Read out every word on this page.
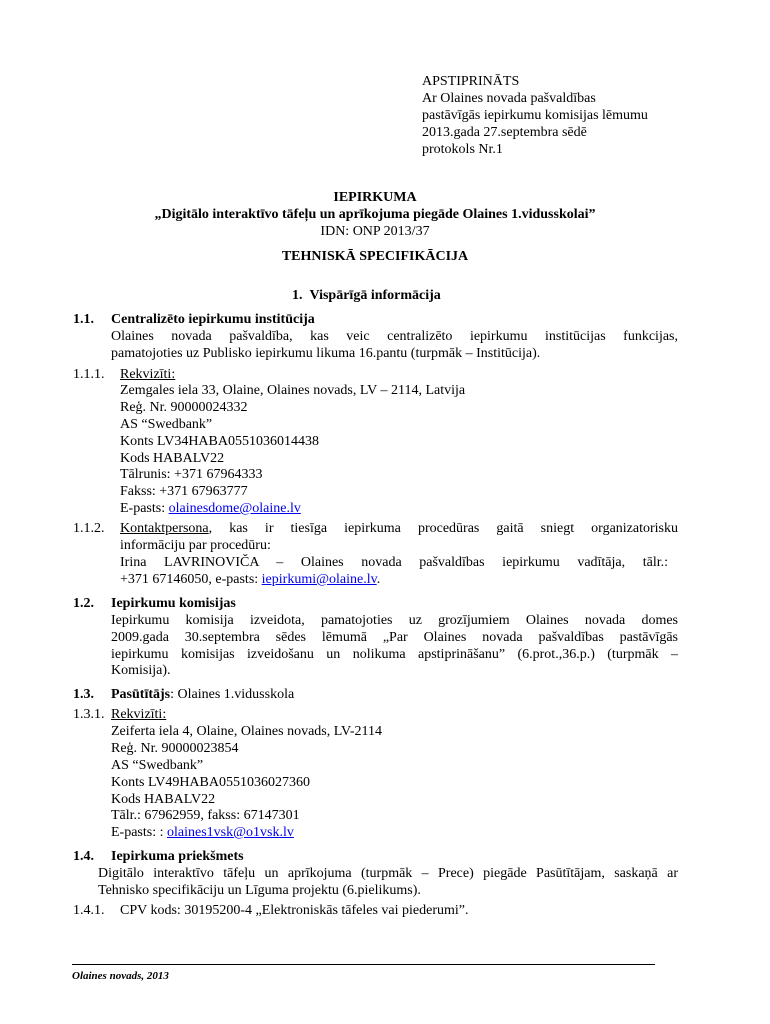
APSTIPRINĀTS
Ar Olaines novada pašvaldības
pastāvīgās iepirkumu komisijas lēmumu
2013.gada 27.septembra sēdē
protokols Nr.1
IEPIRKUMA
„Digitālo interaktīvo tāfeļu un aprīkojuma piegāde Olaines 1.vidusskolai”
IDN: ONP 2013/37
TEHNISKĀ SPECIFIKĀCIJA
1. Vispārīgā informācija
1.1. Centralizēto iepirkumu institūcija
Olaines novada pašvaldība, kas veic centralizēto iepirkumu institūcijas funkcijas,
pamatojoties uz Publisko iepirkumu likuma 16.pantu (turpmāk – Institūcija).
1.1.1. Rekvizīti:
Zemgales iela 33, Olaine, Olaines novads, LV – 2114, Latvija
Reģ. Nr. 90000024332
AS “Swedbank”
Konts LV34HABA0551036014438
Kods HABALV22
Tālrunis: +371 67964333
Fakss: +371 67963777
E-pasts: olainesdome@olaine.lv
1.1.2. Kontaktpersona, kas ir tiesīga iepirkuma procedūras gaitā sniegt organizatorisku
informāciju par procedūru:
Irina LAVRINOVIČA – Olaines novada pašvaldības iepirkumu vadītāja, tālr.:
+371 67146050, e-pasts: iepirkumi@olaine.lv.
1.2. Iepirkumu komisijas
Iepirkumu komisija izveidota, pamatojoties uz grozījumiem Olaines novada domes
2009.gada 30.septembra sēdes lēmumā „Par Olaines novada pašvaldības pastāvīgās
iepirkumu komisijas izveidošanu un nolikuma apstiprināšanu” (6.prot.,36.p.) (turpmāk –
Komisija).
1.3. Pasūtītājs: Olaines 1.vidusskola
1.3.1. Rekvizīti:
Zeiferta iela 4, Olaine, Olaines novads, LV-2114
Reģ. Nr. 90000023854
AS “Swedbank”
Konts LV49HABA0551036027360
Kods HABALV22
Tālr.: 67962959, fakss: 67147301
E-pasts: : olaines1vsk@o1vsk.lv
1.4. Iepirkuma priekšmets
Digitālo interaktīvo tāfeļu un aprīkojuma (turpmāk – Prece) piegāde Pasūtītājam, saskaņā ar
Tehnisko specifikāciju un Līguma projektu (6.pielikums).
1.4.1. CPV kods: 30195200-4 „Elektroniskās tāfeles vai piederumi”.
Olaines novads, 2013
